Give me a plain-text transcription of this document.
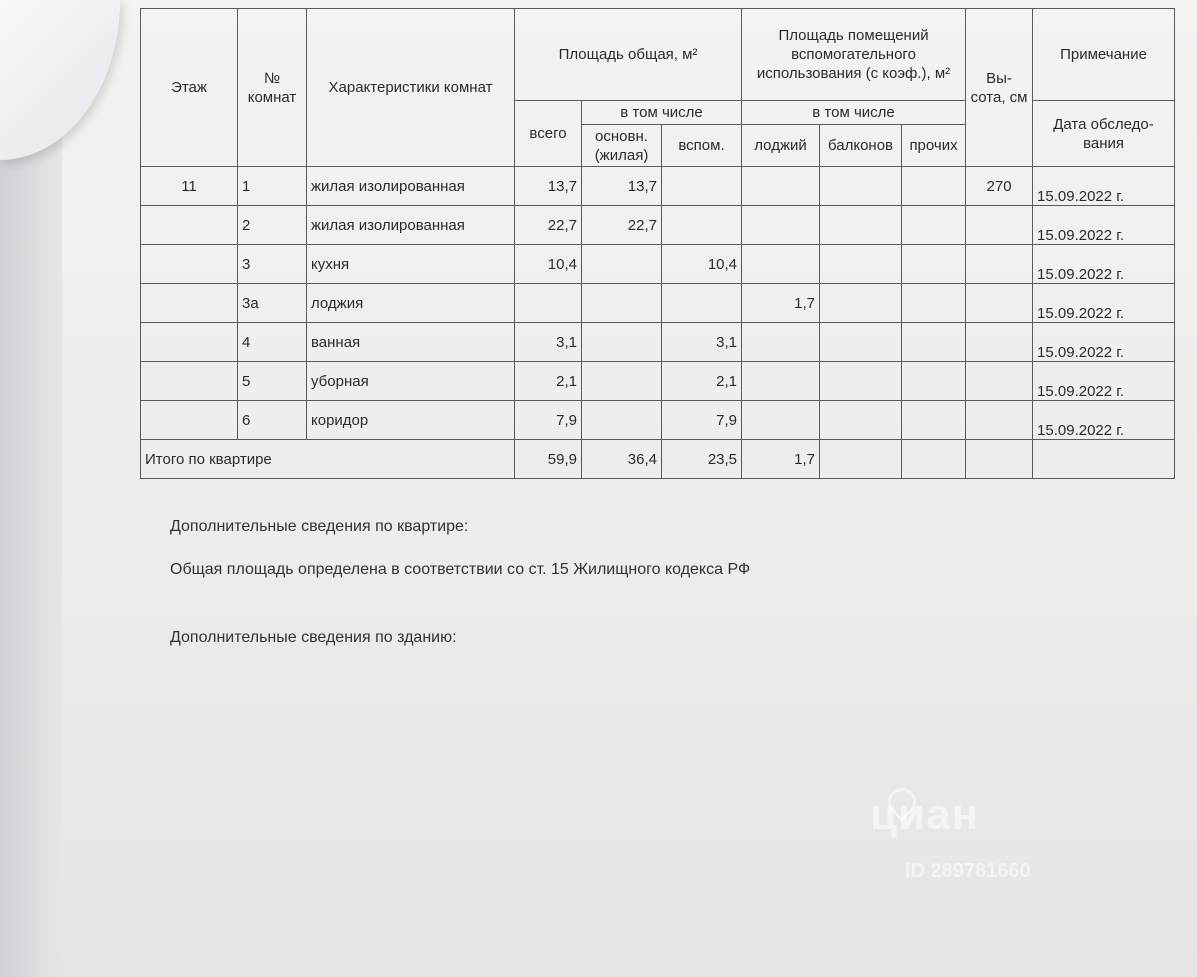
Этаж	№ комнат	Характеристики комнат	Площадь общая, м²			Площадь помещений вспомогательного использования (с коэф.), м²			Вы-сота, см	Примечание
			всего	в том числе		в том числе				Дата обследо-вания
				основн. (жилая)	вспом.	лоджий	балконов	прочих		
11	1	жилая изолированная	13,7	13,7					270	15.09.2022 г.
	2	жилая изолированная	22,7	22,7						15.09.2022 г.
	3	кухня	10,4		10,4					15.09.2022 г.
	3а	лоджия				1,7				15.09.2022 г.
	4	ванная	3,1		3,1					15.09.2022 г.
	5	уборная	2,1		2,1					15.09.2022 г.
	6	коридор	7,9		7,9					15.09.2022 г.
Итого по квартире			59,9	36,4	23,5	1,7				
Дополнительные сведения по квартире:
Общая площадь определена в соответствии со ст. 15 Жилищного кодекса РФ
Дополнительные сведения по зданию:
циан
ID 289781660
